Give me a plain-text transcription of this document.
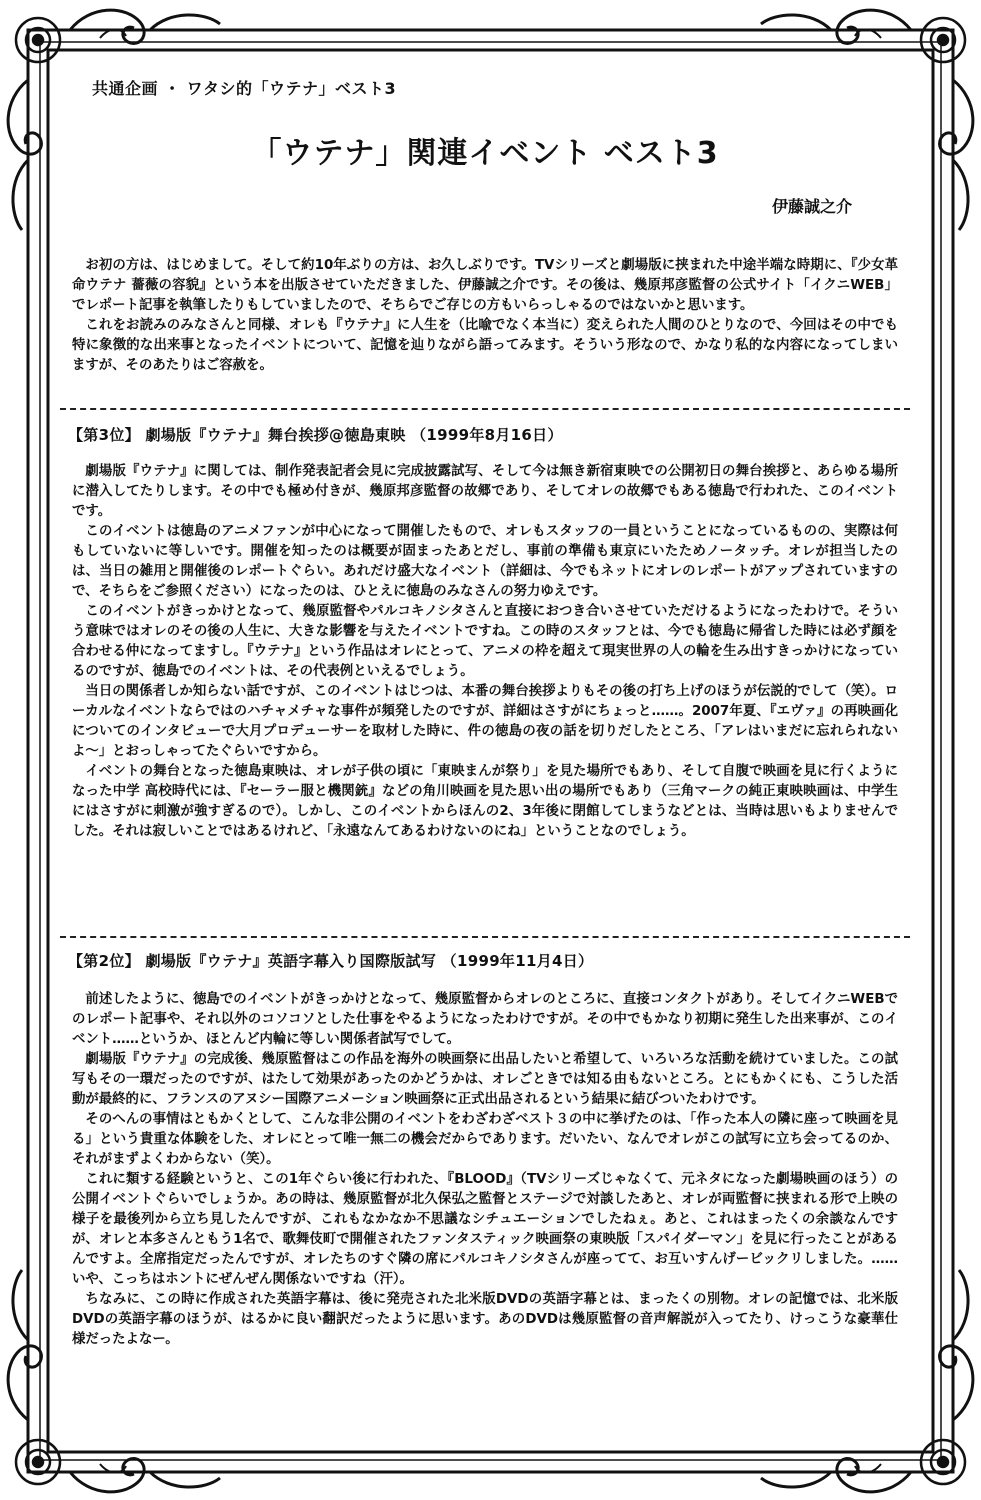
共通企画 ・ ワタシ的「ウテナ」ベスト3
「ウテナ」関連イベント ベスト3
伊藤誠之介

お初の方は、はじめまして。そして約10年ぶりの方は、お久しぶりです。TVシリーズと劇場版に挟まれた中途半端な時期に、『少女革命ウテナ 薔薇の容貌』という本を出版させていただきました、伊藤誠之介です。その後は、幾原邦彦監督の公式サイト「イクニWEB」でレポート記事を執筆したりもしていましたので、そちらでご存じの方もいらっしゃるのではないかと思います。

これをお読みのみなさんと同様、オレも『ウテナ』に人生を（比喩でなく本当に）変えられた人間のひとりなので、今回はその中でも特に象徴的な出来事となったイベントについて、記憶を辿りながら語ってみます。そういう形なので、かなり私的な内容になってしまいますが、そのあたりはご容赦を。

【第3位】 劇場版『ウテナ』舞台挨拶@徳島東映 （1999年8月16日）

劇場版『ウテナ』に関しては、制作発表記者会見に完成披露試写、そして今は無き新宿東映での公開初日の舞台挨拶と、あらゆる場所に潜入してたりします。その中でも極め付きが、幾原邦彦監督の故郷であり、そしてオレの故郷でもある徳島で行われた、このイベントです。

このイベントは徳島のアニメファンが中心になって開催したもので、オレもスタッフの一員ということになっているものの、実際は何もしていないに等しいです。開催を知ったのは概要が固まったあとだし、事前の準備も東京にいたためノータッチ。オレが担当したのは、当日の雑用と開催後のレポートぐらい。あれだけ盛大なイベント（詳細は、今でもネットにオレのレポートがアップされていますので、そちらをご参照ください）になったのは、ひとえに徳島のみなさんの努力ゆえです。

このイベントがきっかけとなって、幾原監督やパルコキノシタさんと直接におつき合いさせていただけるようになったわけで。そういう意味ではオレのその後の人生に、大きな影響を与えたイベントですね。この時のスタッフとは、今でも徳島に帰省した時には必ず顔を合わせる仲になってますし。『ウテナ』という作品はオレにとって、アニメの枠を超えて現実世界の人の輪を生み出すきっかけになっているのですが、徳島でのイベントは、その代表例といえるでしょう。

当日の関係者しか知らない話ですが、このイベントはじつは、本番の舞台挨拶よりもその後の打ち上げのほうが伝説的でして（笑）。ローカルなイベントならではのハチャメチャな事件が頻発したのですが、詳細はさすがにちょっと……。2007年夏、『エヴァ』の再映画化についてのインタビューで大月プロデューサーを取材した時に、件の徳島の夜の話を切りだしたところ、「アレはいまだに忘れられないよ〜」とおっしゃってたぐらいですから。

イベントの舞台となった徳島東映は、オレが子供の頃に「東映まんが祭り」を見た場所でもあり、そして自腹で映画を見に行くようになった中学 高校時代には、『セーラー服と機関銃』などの角川映画を見た思い出の場所でもあり（三角マークの純正東映映画は、中学生にはさすがに刺激が強すぎるので）。しかし、このイベントからほんの2、3年後に閉館してしまうなどとは、当時は思いもよりませんでした。それは寂しいことではあるけれど、「永遠なんてあるわけないのにね」ということなのでしょう。

【第2位】 劇場版『ウテナ』英語字幕入り国際版試写 （1999年11月4日）

前述したように、徳島でのイベントがきっかけとなって、幾原監督からオレのところに、直接コンタクトがあり。そしてイクニWEBでのレポート記事や、それ以外のコソコソとした仕事をやるようになったわけですが。その中でもかなり初期に発生した出来事が、このイベント……というか、ほとんど内輪に等しい関係者試写でして。

劇場版『ウテナ』の完成後、幾原監督はこの作品を海外の映画祭に出品したいと希望して、いろいろな活動を続けていました。この試写もその一環だったのですが、はたして効果があったのかどうかは、オレごときでは知る由もないところ。とにもかくにも、こうした活動が最終的に、フランスのアヌシー国際アニメーション映画祭に正式出品されるという結果に結びついたわけです。

そのへんの事情はともかくとして、こんな非公開のイベントをわざわざベスト３の中に挙げたのは、「作った本人の隣に座って映画を見る」という貴重な体験をした、オレにとって唯一無二の機会だからであります。だいたい、なんでオレがこの試写に立ち会ってるのか、それがまずよくわからない（笑）。

これに類する経験というと、この1年ぐらい後に行われた、『BLOOD』（TVシリーズじゃなくて、元ネタになった劇場映画のほう）の公開イベントぐらいでしょうか。あの時は、幾原監督が北久保弘之監督とステージで対談したあと、オレが両監督に挟まれる形で上映の様子を最後列から立ち見したんですが、これもなかなか不思議なシチュエーションでしたねぇ。あと、これはまったくの余談なんですが、オレと本多さんともう1名で、歌舞伎町で開催されたファンタスティック映画祭の東映版「スパイダーマン」を見に行ったことがあるんですよ。全席指定だったんですが、オレたちのすぐ隣の席にパルコキノシタさんが座ってて、お互いすんげービックリしました。……いや、こっちはホントにぜんぜん関係ないですね（汗）。

ちなみに、この時に作成された英語字幕は、後に発売された北米版DVDの英語字幕とは、まったくの別物。オレの記憶では、北米版DVDの英語字幕のほうが、はるかに良い翻訳だったように思います。あのDVDは幾原監督の音声解説が入ってたり、けっこうな豪華仕様だったよなー。
